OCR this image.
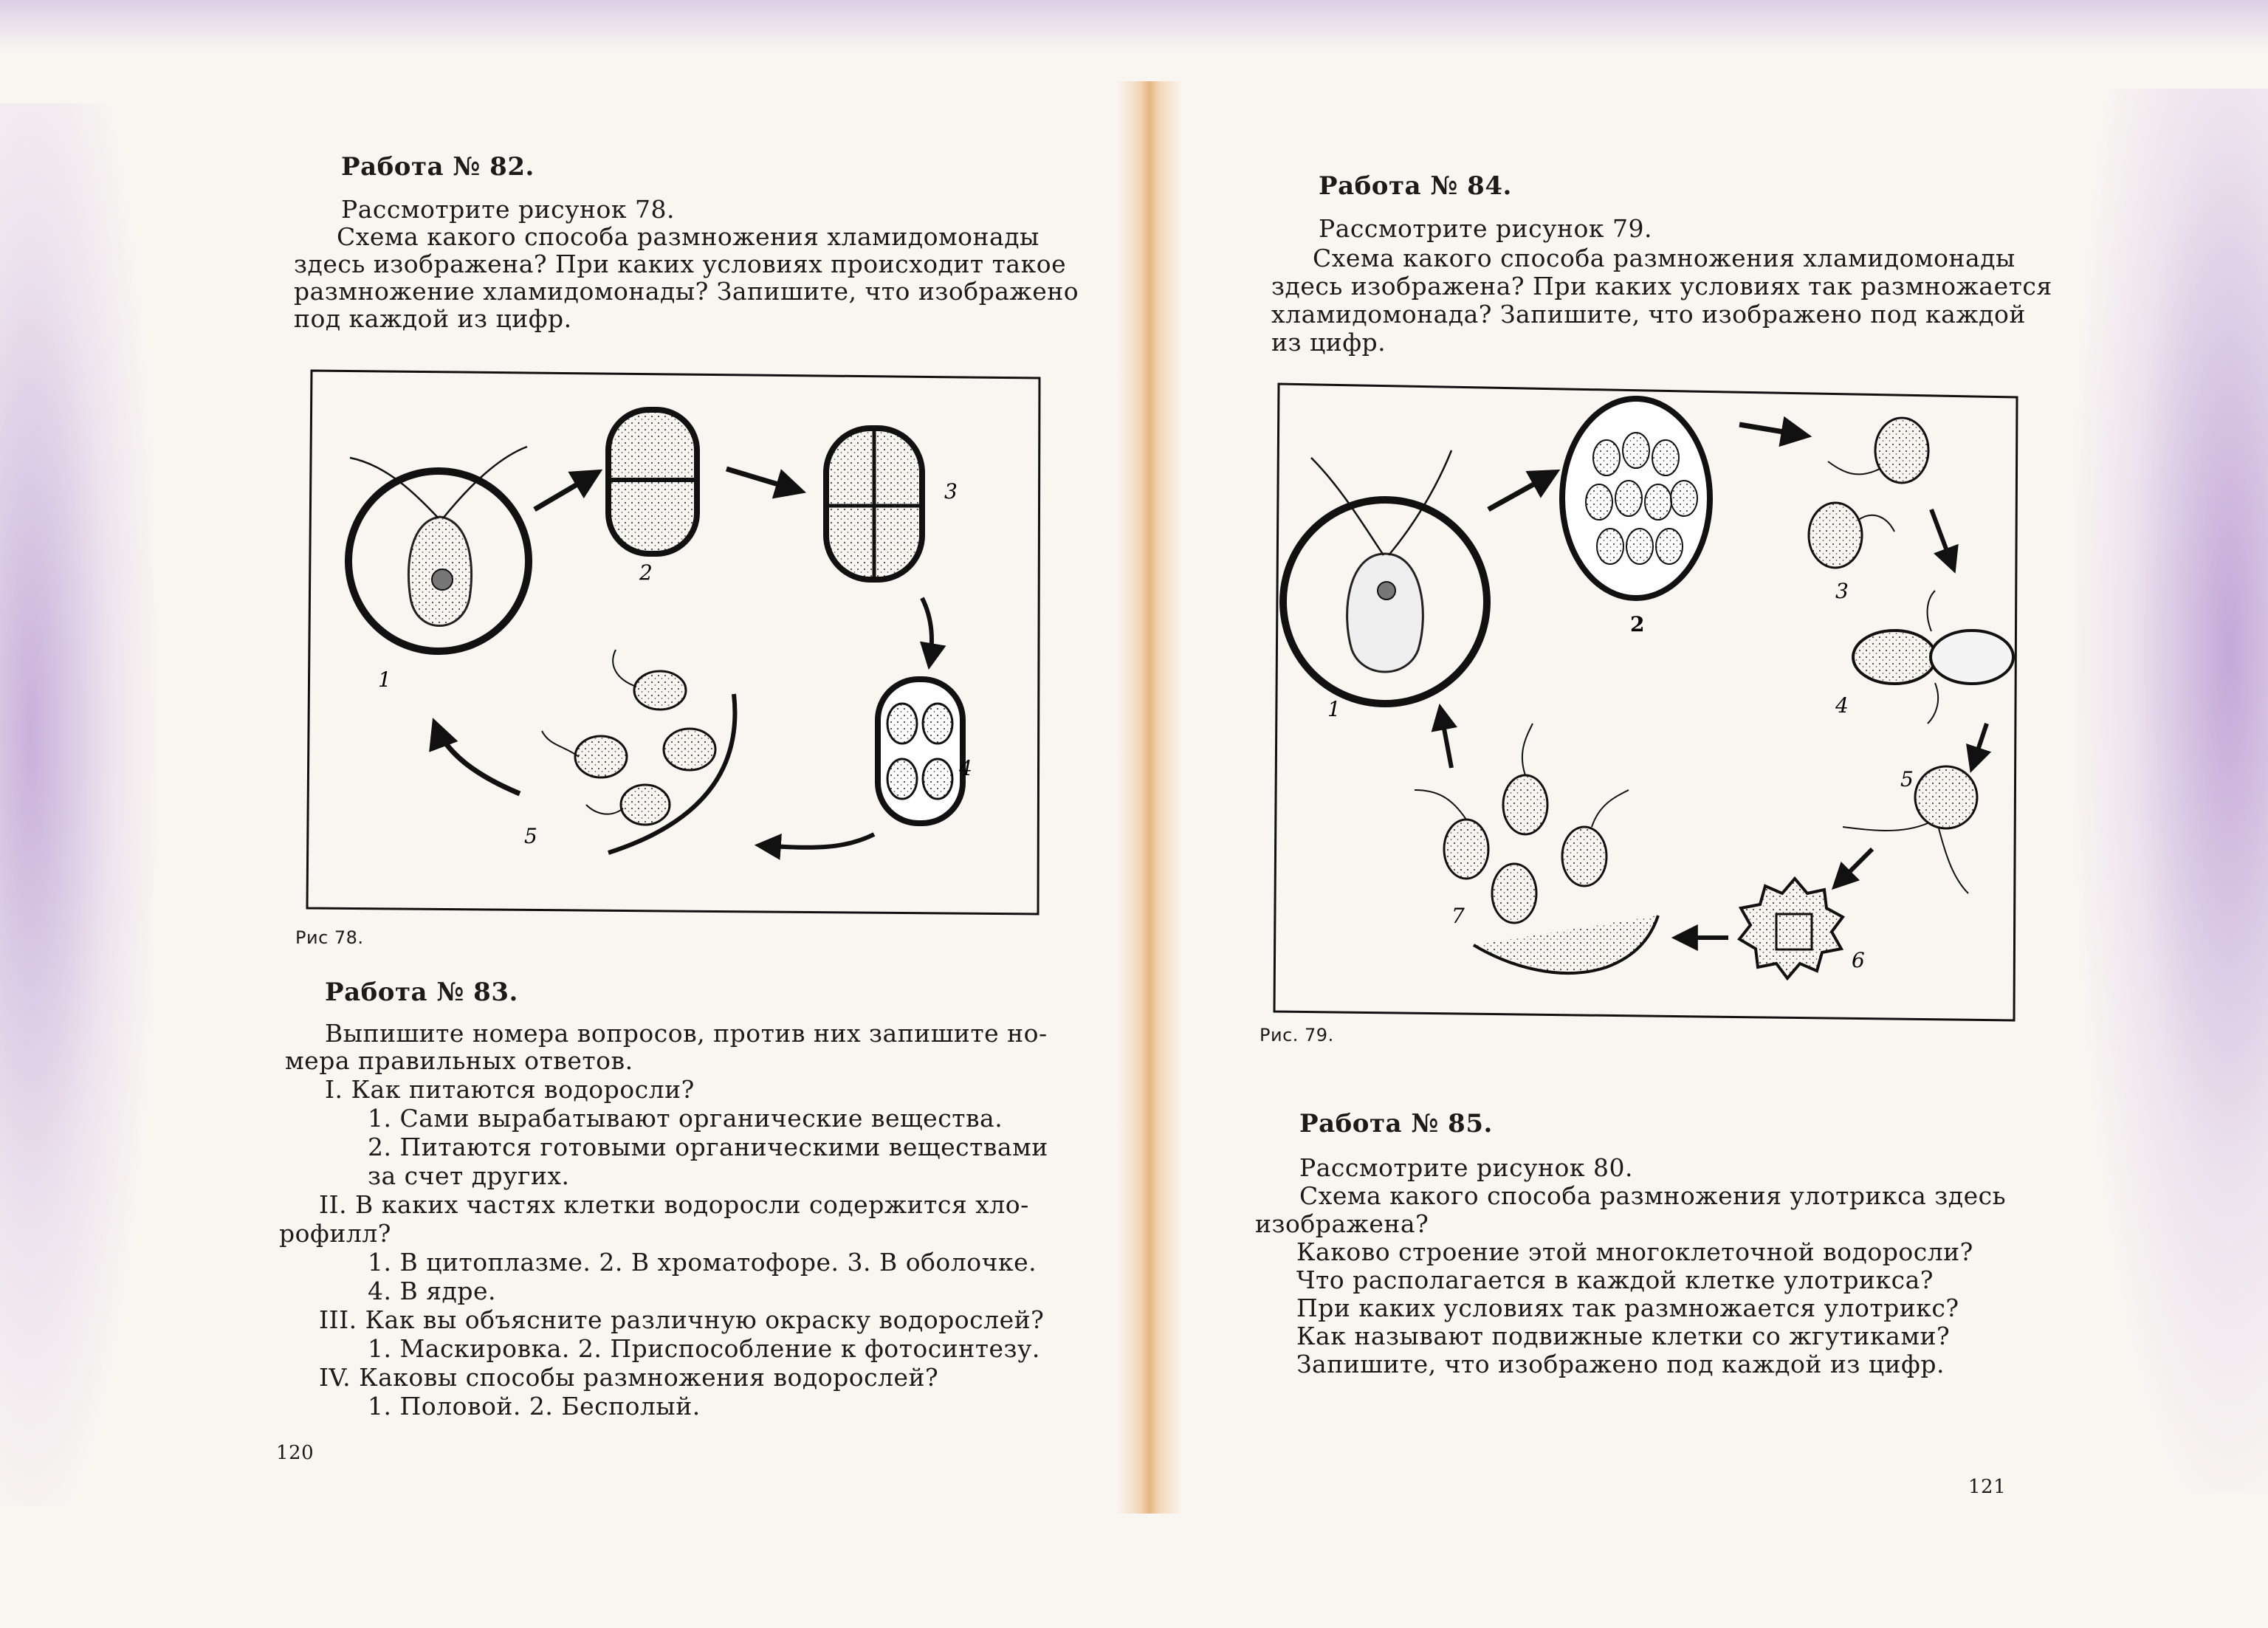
Работа № 82.
Рассмотрите рисунок 78.
Схема какого способа размножения хламидомонады
здесь изображена? При каких условиях происходит такое
размножение хламидомонады? Запишите, что изображено
под каждой из цифр.
1
2
3
4
5
Рис 78.
Работа № 83.
Выпишите номера вопросов, против них запишите но-
мера правильных ответов.
I. Как питаются водоросли?
1. Сами вырабатывают органические вещества.
2. Питаются готовыми органическими веществами
за счет других.
II. В каких частях клетки водоросли содержится хло-
рофилл?
1. В цитоплазме. 2. В хроматофоре. 3. В оболочке.
4. В ядре.
III. Как вы объясните различную окраску водорослей?
1. Маскировка. 2. Приспособление к фотосинтезу.
IV. Каковы способы размножения водорослей?
1. Половой. 2. Бесполый.
120
Работа № 84.
Рассмотрите рисунок 79.
Схема какого способа размножения хламидомонады
здесь изображена? При каких условиях так размножается
хламидомонада? Запишите, что изображено под каждой
из цифр.
1
2
3
4
5
6
7
Рис. 79.
Работа № 85.
Рассмотрите рисунок 80.
Схема какого способа размножения улотрикса здесь
изображена?
Каково строение этой многоклеточной водоросли?
Что располагается в каждой клетке улотрикса?
При каких условиях так размножается улотрикс?
Как называют подвижные клетки со жгутиками?
Запишите, что изображено под каждой из цифр.
121
